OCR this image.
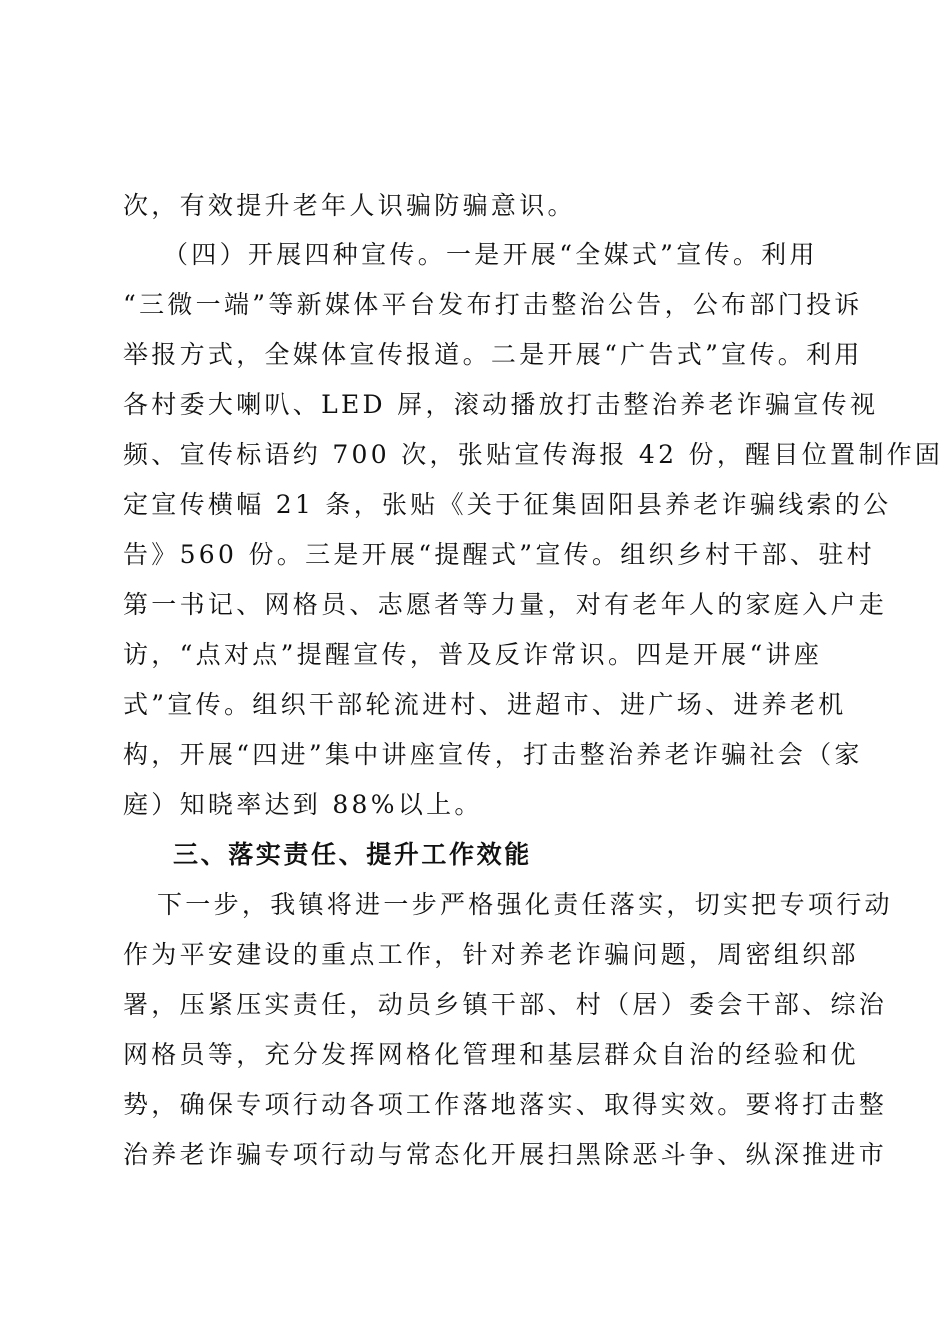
次，有效提升老年人识骗防骗意识。
（四）开展四种宣传。一是开展“全媒式”宣传。利用
“三微一端”等新媒体平台发布打击整治公告，公布部门投诉
举报方式，全媒体宣传报道。二是开展“广告式”宣传。利用
各村委大喇叭、LED 屏，滚动播放打击整治养老诈骗宣传视
频、宣传标语约 700 次，张贴宣传海报 42 份，醒目位置制作固
定宣传横幅 21 条，张贴《关于征集固阳县养老诈骗线索的公
告》560 份。三是开展“提醒式”宣传。组织乡村干部、驻村
第一书记、网格员、志愿者等力量，对有老年人的家庭入户走
访，“点对点”提醒宣传，普及反诈常识。四是开展“讲座
式”宣传。组织干部轮流进村、进超市、进广场、进养老机
构，开展“四进”集中讲座宣传，打击整治养老诈骗社会（家
庭）知晓率达到 88%以上。
三、落实责任、提升工作效能
下一步，我镇将进一步严格强化责任落实，切实把专项行动
作为平安建设的重点工作，针对养老诈骗问题，周密组织部
署，压紧压实责任，动员乡镇干部、村（居）委会干部、综治
网格员等，充分发挥网格化管理和基层群众自治的经验和优
势，确保专项行动各项工作落地落实、取得实效。要将打击整
治养老诈骗专项行动与常态化开展扫黑除恶斗争、纵深推进市
